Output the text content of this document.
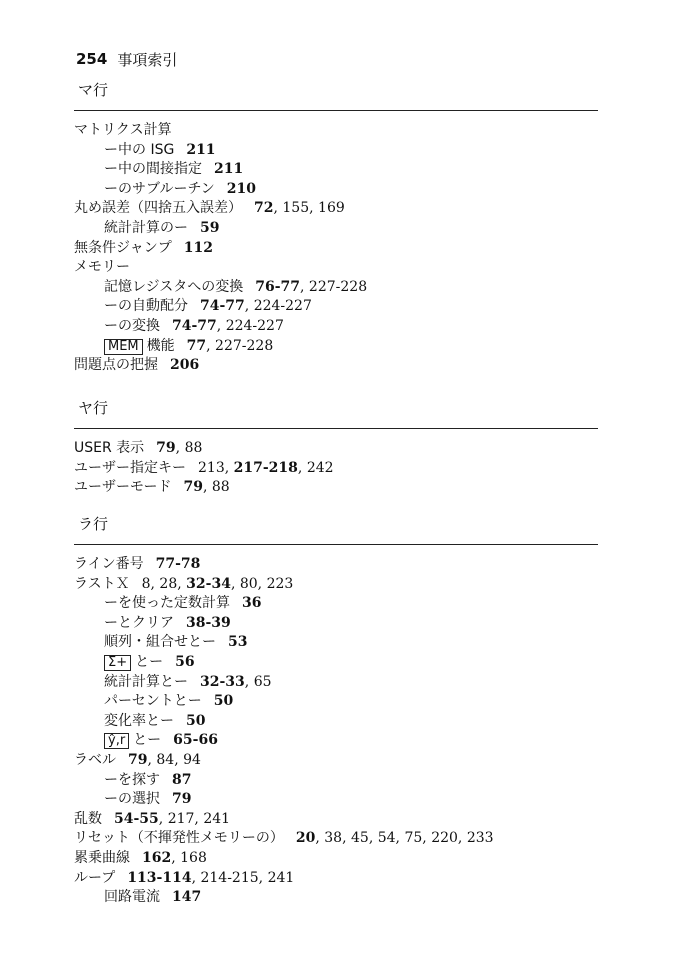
254 事項索引
マ行
マトリクス計算
ー中の ISG 211
ー中の間接指定 211
ーのサブルーチン 210
丸め誤差（四捨五入誤差） 72, 155, 169
統計計算のー 59
無条件ジャンプ 112
メモリー
記憶レジスタへの変換 76-77, 227-228
ーの自動配分 74-77, 224-227
ーの変換 74-77, 224-227
MEM 機能 77, 227-228
問題点の把握 206
ヤ行
USER 表示 79, 88
ユーザー指定キー 213, 217-218, 242
ユーザーモード 79, 88
ラ行
ライン番号 77-78
ラストＸ 8, 28, 32-34, 80, 223
ーを使った定数計算 36
ーとクリア 38-39
順列・組合せとー 53
Σ+ とー 56
統計計算とー 32-33, 65
パーセントとー 50
変化率とー 50
ŷ,r とー 65-66
ラベル 79, 84, 94
ーを探す 87
ーの選択 79
乱数 54-55, 217, 241
リセット（不揮発性メモリーの） 20, 38, 45, 54, 75, 220, 233
累乗曲線 162, 168
ループ 113-114, 214-215, 241
回路電流 147
